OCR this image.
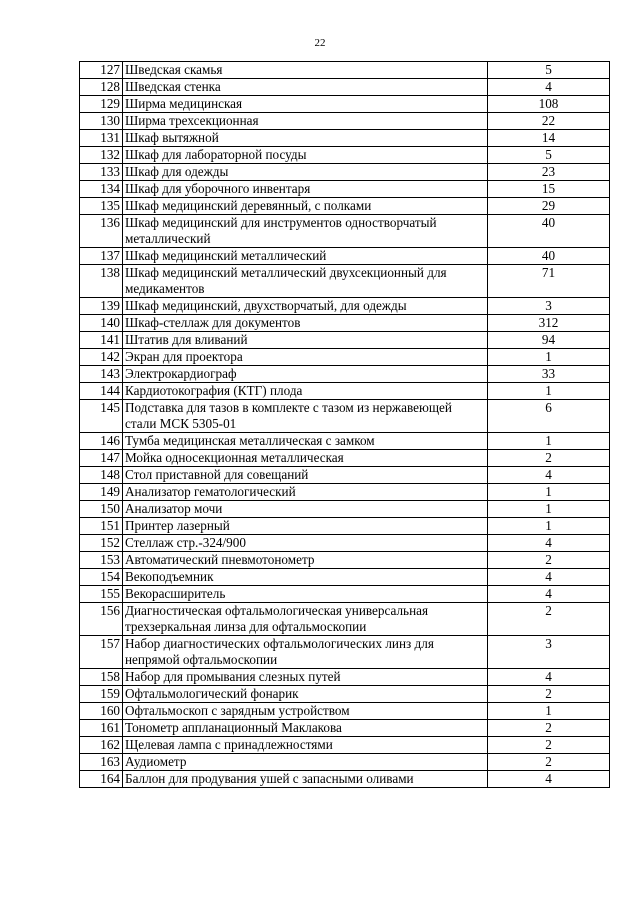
22
127	Шведская скамья	5
128	Шведская стенка	4
129	Ширма медицинская	108
130	Ширма трехсекционная	22
131	Шкаф вытяжной	14
132	Шкаф для лабораторной посуды	5
133	Шкаф для одежды	23
134	Шкаф для уборочного инвентаря	15
135	Шкаф медицинский деревянный, с полками	29
136	Шкаф медицинский для инструментов одностворчатый металлический	40
137	Шкаф медицинский металлический	40
138	Шкаф медицинский металлический двухсекционный для медикаментов	71
139	Шкаф медицинский, двухстворчатый, для одежды	3
140	Шкаф-стеллаж для документов	312
141	Штатив для вливаний	94
142	Экран для проектора	1
143	Электрокардиограф	33
144	Кардиотокография (КТГ) плода	1
145	Подставка для тазов в комплекте с тазом из нержавеющей стали МСК 5305-01	6
146	Тумба медицинская металлическая с замком	1
147	Мойка односекционная металлическая	2
148	Стол приставной для совещаний	4
149	Анализатор гематологический	1
150	Анализатор мочи	1
151	Принтер лазерный	1
152	Стеллаж стр.-324/900	4
153	Автоматический пневмотонометр	2
154	Векоподъемник	4
155	Векорасширитель	4
156	Диагностическая офтальмологическая универсальная трехзеркальная линза для офтальмоскопии	2
157	Набор диагностических офтальмологических линз для непрямой офтальмоскопии	3
158	Набор для промывания слезных путей	4
159	Офтальмологический фонарик	2
160	Офтальмоскоп с зарядным устройством	1
161	Тонометр аппланационный Маклакова	2
162	Щелевая лампа с принадлежностями	2
163	Аудиометр	2
164	Баллон для продувания ушей с запасными оливами	4
